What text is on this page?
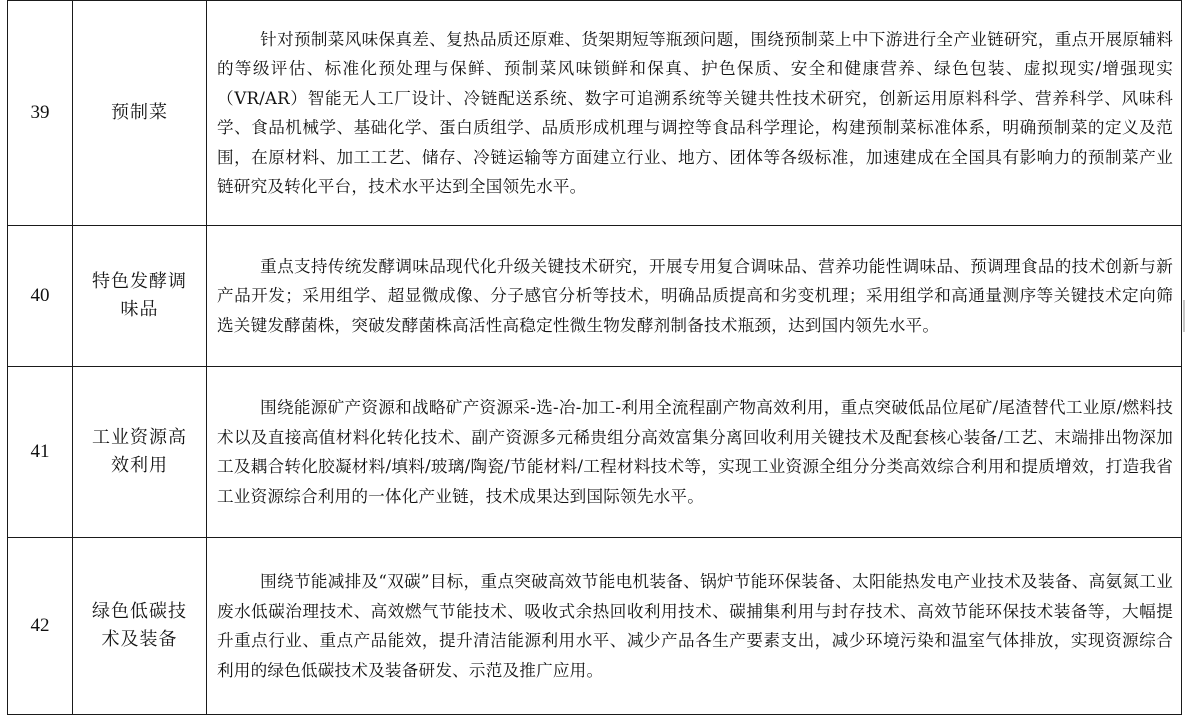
39	预制菜	针对预制菜风味保真差、复热品质还原难、货架期短等瓶颈问题，围绕预制菜上中下游进行全产业链研究，重点开展原辅料的等级评估、标准化预处理与保鲜、预制菜风味锁鲜和保真、护色保质、安全和健康营养、绿色包装、虚拟现实/增强现实（VR/AR）智能无人工厂设计、冷链配送系统、数字可追溯系统等关键共性技术研究，创新运用原料科学、营养科学、风味科学、食品机械学、基础化学、蛋白质组学、品质形成机理与调控等食品科学理论，构建预制菜标准体系，明确预制菜的定义及范围，在原材料、加工工艺、储存、冷链运输等方面建立行业、地方、团体等各级标准，加速建成在全国具有影响力的预制菜产业链研究及转化平台，技术水平达到全国领先水平。
40	特色发酵调味品	重点支持传统发酵调味品现代化升级关键技术研究，开展专用复合调味品、营养功能性调味品、预调理食品的技术创新与新产品开发；采用组学、超显微成像、分子感官分析等技术，明确品质提高和劣变机理；采用组学和高通量测序等关键技术定向筛选关键发酵菌株，突破发酵菌株高活性高稳定性微生物发酵剂制备技术瓶颈，达到国内领先水平。
41	工业资源高效利用	围绕能源矿产资源和战略矿产资源采-选-冶-加工-利用全流程副产物高效利用，重点突破低品位尾矿/尾渣替代工业原/燃料技术以及直接高值材料化转化技术、副产资源多元稀贵组分高效富集分离回收利用关键技术及配套核心装备/工艺、末端排出物深加工及耦合转化胶凝材料/填料/玻璃/陶瓷/节能材料/工程材料技术等，实现工业资源全组分分类高效综合利用和提质增效，打造我省工业资源综合利用的一体化产业链，技术成果达到国际领先水平。
42	绿色低碳技术及装备	围绕节能减排及“双碳”目标，重点突破高效节能电机装备、锅炉节能环保装备、太阳能热发电产业技术及装备、高氨氮工业废水低碳治理技术、高效燃气节能技术、吸收式余热回收利用技术、碳捕集利用与封存技术、高效节能环保技术装备等，大幅提升重点行业、重点产品能效，提升清洁能源利用水平、减少产品各生产要素支出，减少环境污染和温室气体排放，实现资源综合利用的绿色低碳技术及装备研发、示范及推广应用。
